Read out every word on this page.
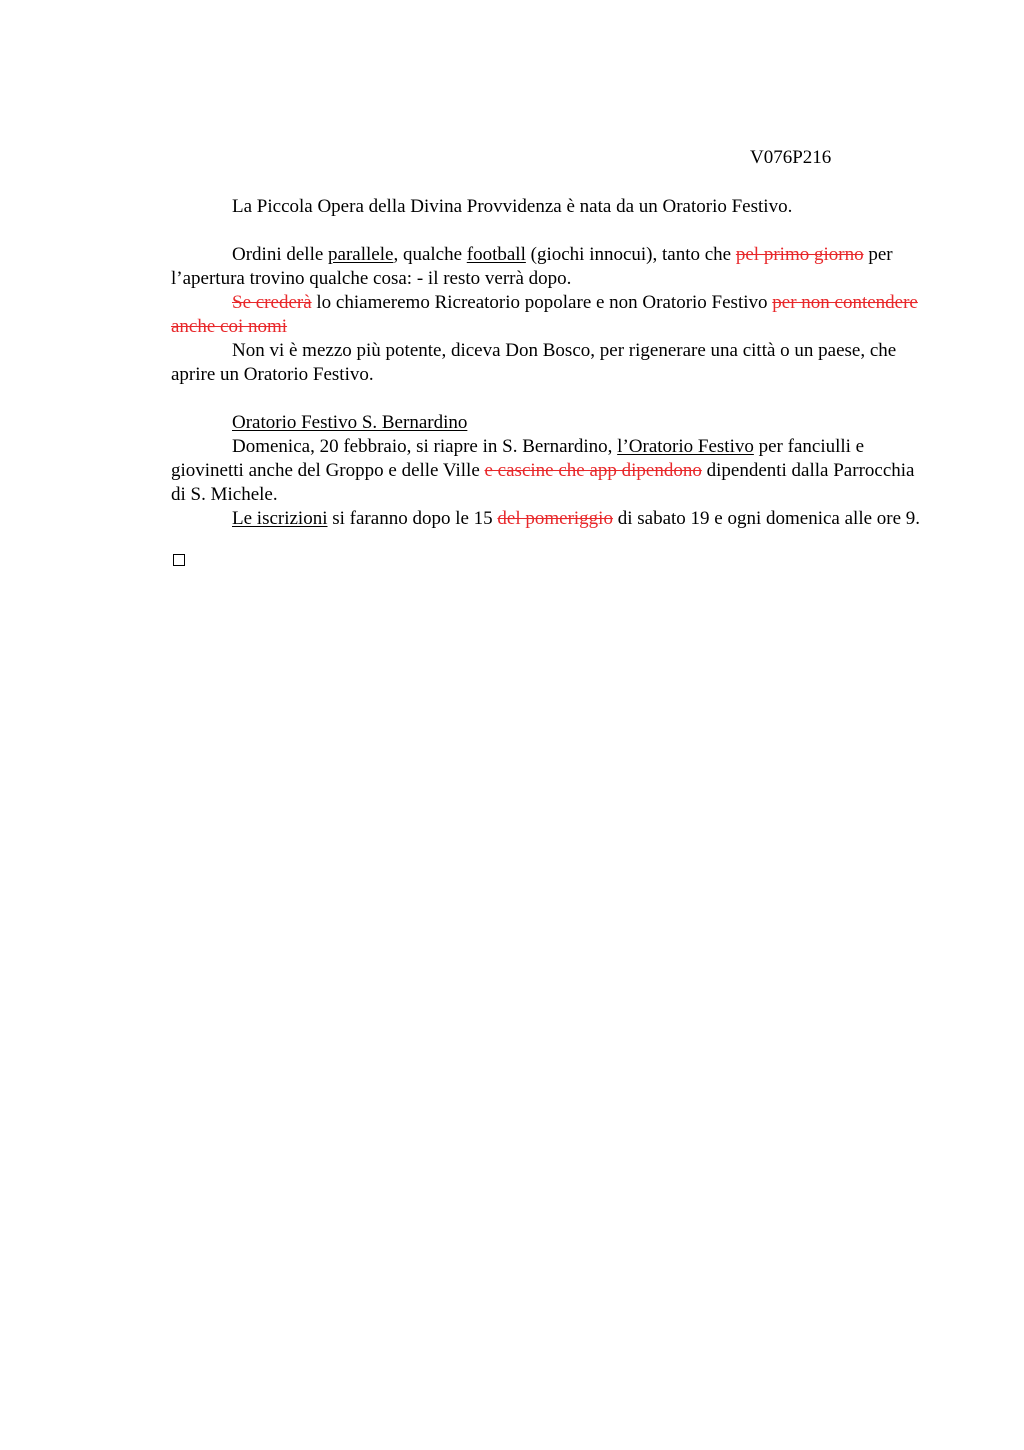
V076P216

La Piccola Opera della Divina Provvidenza è nata da un Oratorio Festivo.

Ordini delle parallele, qualche football (giochi innocui), tanto che pel primo giorno per l’apertura trovino qualche cosa: - il resto verrà dopo.

Se crederà lo chiameremo Ricreatorio popolare e non Oratorio Festivo per non contendere anche coi nomi

Non vi è mezzo più potente, diceva Don Bosco, per rigenerare una città o un paese, che aprire un Oratorio Festivo.

Oratorio Festivo S. Bernardino

Domenica, 20 febbraio, si riapre in S. Bernardino, l’Oratorio Festivo per fanciulli e giovinetti anche del Groppo e delle Ville e cascine che app dipendono dipendenti dalla Parrocchia di S. Michele.

Le iscrizioni si faranno dopo le 15 del pomeriggio di sabato 19 e ogni domenica alle ore 9.
